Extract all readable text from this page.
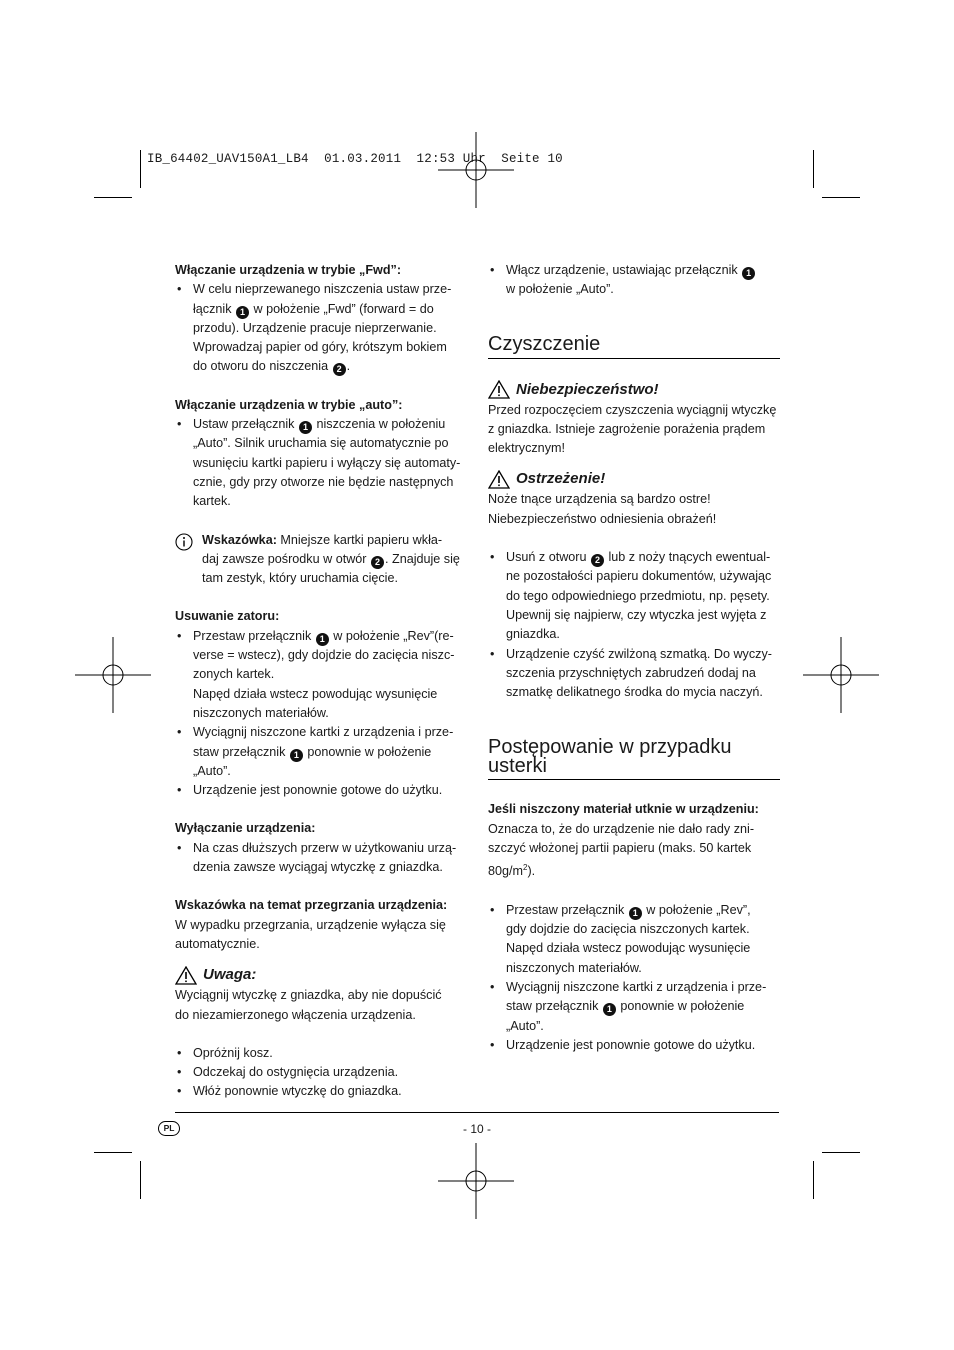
IB_64402_UAV150A1_LB4  01.03.2011  12:53 Uhr  Seite 10

Włączanie urządzenia w trybie „Fwd”:

• W celu nieprzewanego niszczenia ustaw prze-
łącznik 1 w położenie „Fwd” (forward = do
przodu). Urządzenie pracuje nieprzerwanie.
Wprowadzaj papier od góry, krótszym bokiem
do otworu do niszczenia 2 .

Włączanie urządzenia w trybie „auto”:

• Ustaw przełącznik 1 niszczenia w położeniu
„Auto”. Silnik uruchamia się automatycznie po
wsunięciu kartki papieru i wyłączy się automaty-
cznie, gdy przy otworze nie będzie następnych
kartek.
Wskazówka: Mniejsze kartki papieru wkła-
daj zawsze pośrodku w otwór 2 . Znajduje się
tam zestyk, który uruchamia cięcie.

Usuwanie zatoru:

• Przestaw przełącznik 1 w położenie „Rev”(re-
verse = wstecz), gdy dojdzie do zacięcia niszc-
zonych kartek.
Napęd działa wstecz powodując wysunięcie
niszczonych materiałów.
• Wyciągnij niszczone kartki z urządzenia i prze-
staw przełącznik 1 ponownie w położenie
„Auto”.
• Urządzenie jest ponownie gotowe do użytku.

Wyłączanie urządzenia:

• Na czas dłuższych przerw w użytkowaniu urzą-
dzenia zawsze wyciągaj wtyczkę z gniazdka.

Wskazówka na temat przegrzania urządzenia:

W wypadku przegrzania, urządzenie wyłącza się

automatycznie.

Uwaga:

Wyciągnij wtyczkę z gniazdka, aby nie dopuścić

do niezamierzonego włączenia urządzenia.

• Opróżnij kosz.
• Odczekaj do ostygnięcia urządzenia.
• Włóż ponownie wtyczkę do gniazdka.
• Włącz urządzenie, ustawiając przełącznik 1
w położenie „Auto”.
Czyszczenie
Niebezpieczeństwo!

Przed rozpoczęciem czyszczenia wyciągnij wtyczkę

z gniazdka. Istnieje zagrożenie porażenia prądem

elektrycznym!

Ostrzeżenie!

Noże tnące urządzenia są bardzo ostre!

Niebezpieczeństwo odniesienia obrażeń!

• Usuń z otworu 2 lub z noży tnących ewentual-
ne pozostałości papieru dokumentów, używając
do tego odpowiedniego przedmiotu, np. pęsety.
Upewnij się najpierw, czy wtyczka jest wyjęta z
gniazdka.
• Urządzenie czyść zwilżoną szmatką. Do wyczy-
szczenia przyschniętych zabrudzeń dodaj na
szmatkę delikatnego środka do mycia naczyń.
Postępowanie w przypadku
usterki

Jeśli niszczony materiał utknie w urządzeniu:

Oznacza to, że do urządzenie nie dało rady zni-

szczyć włożonej partii papieru (maks. 50 kartek

$80g/m^2$).

• Przestaw przełącznik 1 w położenie „Rev”,
gdy dojdzie do zacięcia niszczonych kartek.
Napęd działa wstecz powodując wysunięcie
niszczonych materiałów.
• Wyciągnij niszczone kartki z urządzenia i prze-
staw przełącznik 1 ponownie w położenie
„Auto”.
• Urządzenie jest ponownie gotowe do użytku.
PL	- 10 -
